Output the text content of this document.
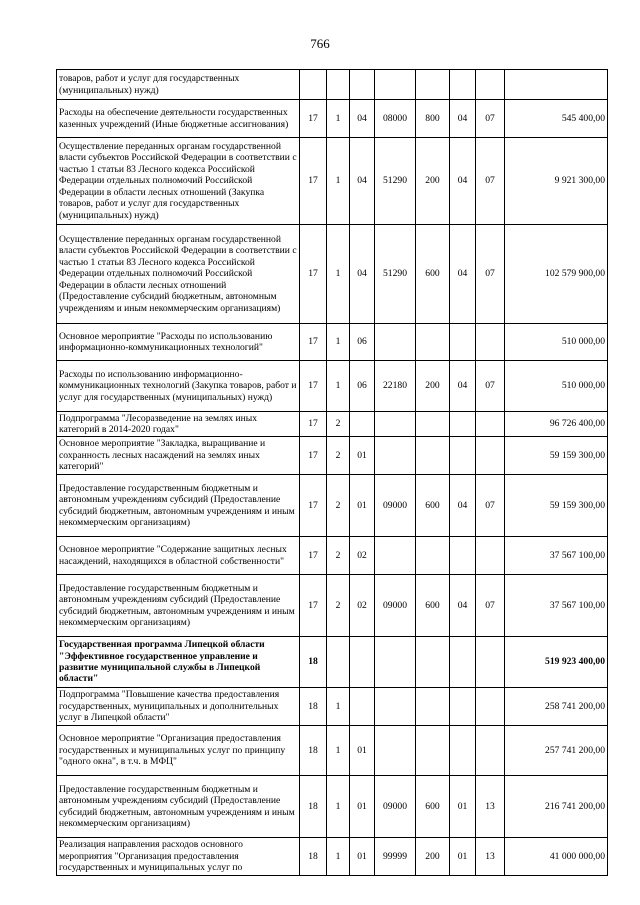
766
товаров, работ и услуг для государственных (муниципальных) нужд)								
Расходы на обеспечение деятельности государственных казенных учреждений (Иные бюджетные ассигнования)	17	1	04	08000	800	04	07	545 400,00
Осуществление переданных органам государственной власти субъектов Российской Федерации в соответствии с частью 1 статьи 83 Лесного кодекса Российской Федерации отдельных полномочий Российской Федерации в области лесных отношений (Закупка товаров, работ и услуг для государственных (муниципальных) нужд)	17	1	04	51290	200	04	07	9 921 300,00
Осуществление переданных органам государственной власти субъектов Российской Федерации в соответствии с частью 1 статьи 83 Лесного кодекса Российской Федерации отдельных полномочий Российской Федерации в области лесных отношений (Предоставление субсидий бюджетным, автономным учреждениям и иным некоммерческим организациям)	17	1	04	51290	600	04	07	102 579 900,00
Основное мероприятие "Расходы по использованию информационно-коммуникационных технологий"	17	1	06					510 000,00
Расходы по использованию информационно-коммуникационных технологий (Закупка товаров, работ и услуг для государственных (муниципальных) нужд)	17	1	06	22180	200	04	07	510 000,00
Подпрограмма "Лесоразведение на землях иных категорий в 2014-2020 годах"	17	2						96 726 400,00
Основное мероприятие "Закладка, выращивание и сохранность лесных насаждений на землях иных категорий"	17	2	01					59 159 300,00
Предоставление государственным бюджетным и автономным учреждениям субсидий (Предоставление субсидий бюджетным, автономным учреждениям и иным некоммерческим организациям)	17	2	01	09000	600	04	07	59 159 300,00
Основное мероприятие "Содержание защитных лесных насаждений, находящихся в областной собственности"	17	2	02					37 567 100,00
Предоставление государственным бюджетным и автономным учреждениям субсидий (Предоставление субсидий бюджетным, автономным учреждениям и иным некоммерческим организациям)	17	2	02	09000	600	04	07	37 567 100,00
Государственная программа Липецкой области "Эффективное государственное управление и развитие муниципальной службы в Липецкой области"	18							519 923 400,00
Подпрограмма "Повышение качества предоставления государственных, муниципальных и дополнительных услуг в Липецкой области"	18	1						258 741 200,00
Основное мероприятие "Организация предоставления государственных и муниципальных услуг по принципу "одного окна", в т.ч. в МФЦ"	18	1	01					257 741 200,00
Предоставление государственным бюджетным и автономным учреждениям субсидий (Предоставление субсидий бюджетным, автономным учреждениям и иным некоммерческим организациям)	18	1	01	09000	600	01	13	216 741 200,00
Реализация направления расходов основного мероприятия "Организация предоставления государственных и муниципальных услуг по	18	1	01	99999	200	01	13	41 000 000,00
